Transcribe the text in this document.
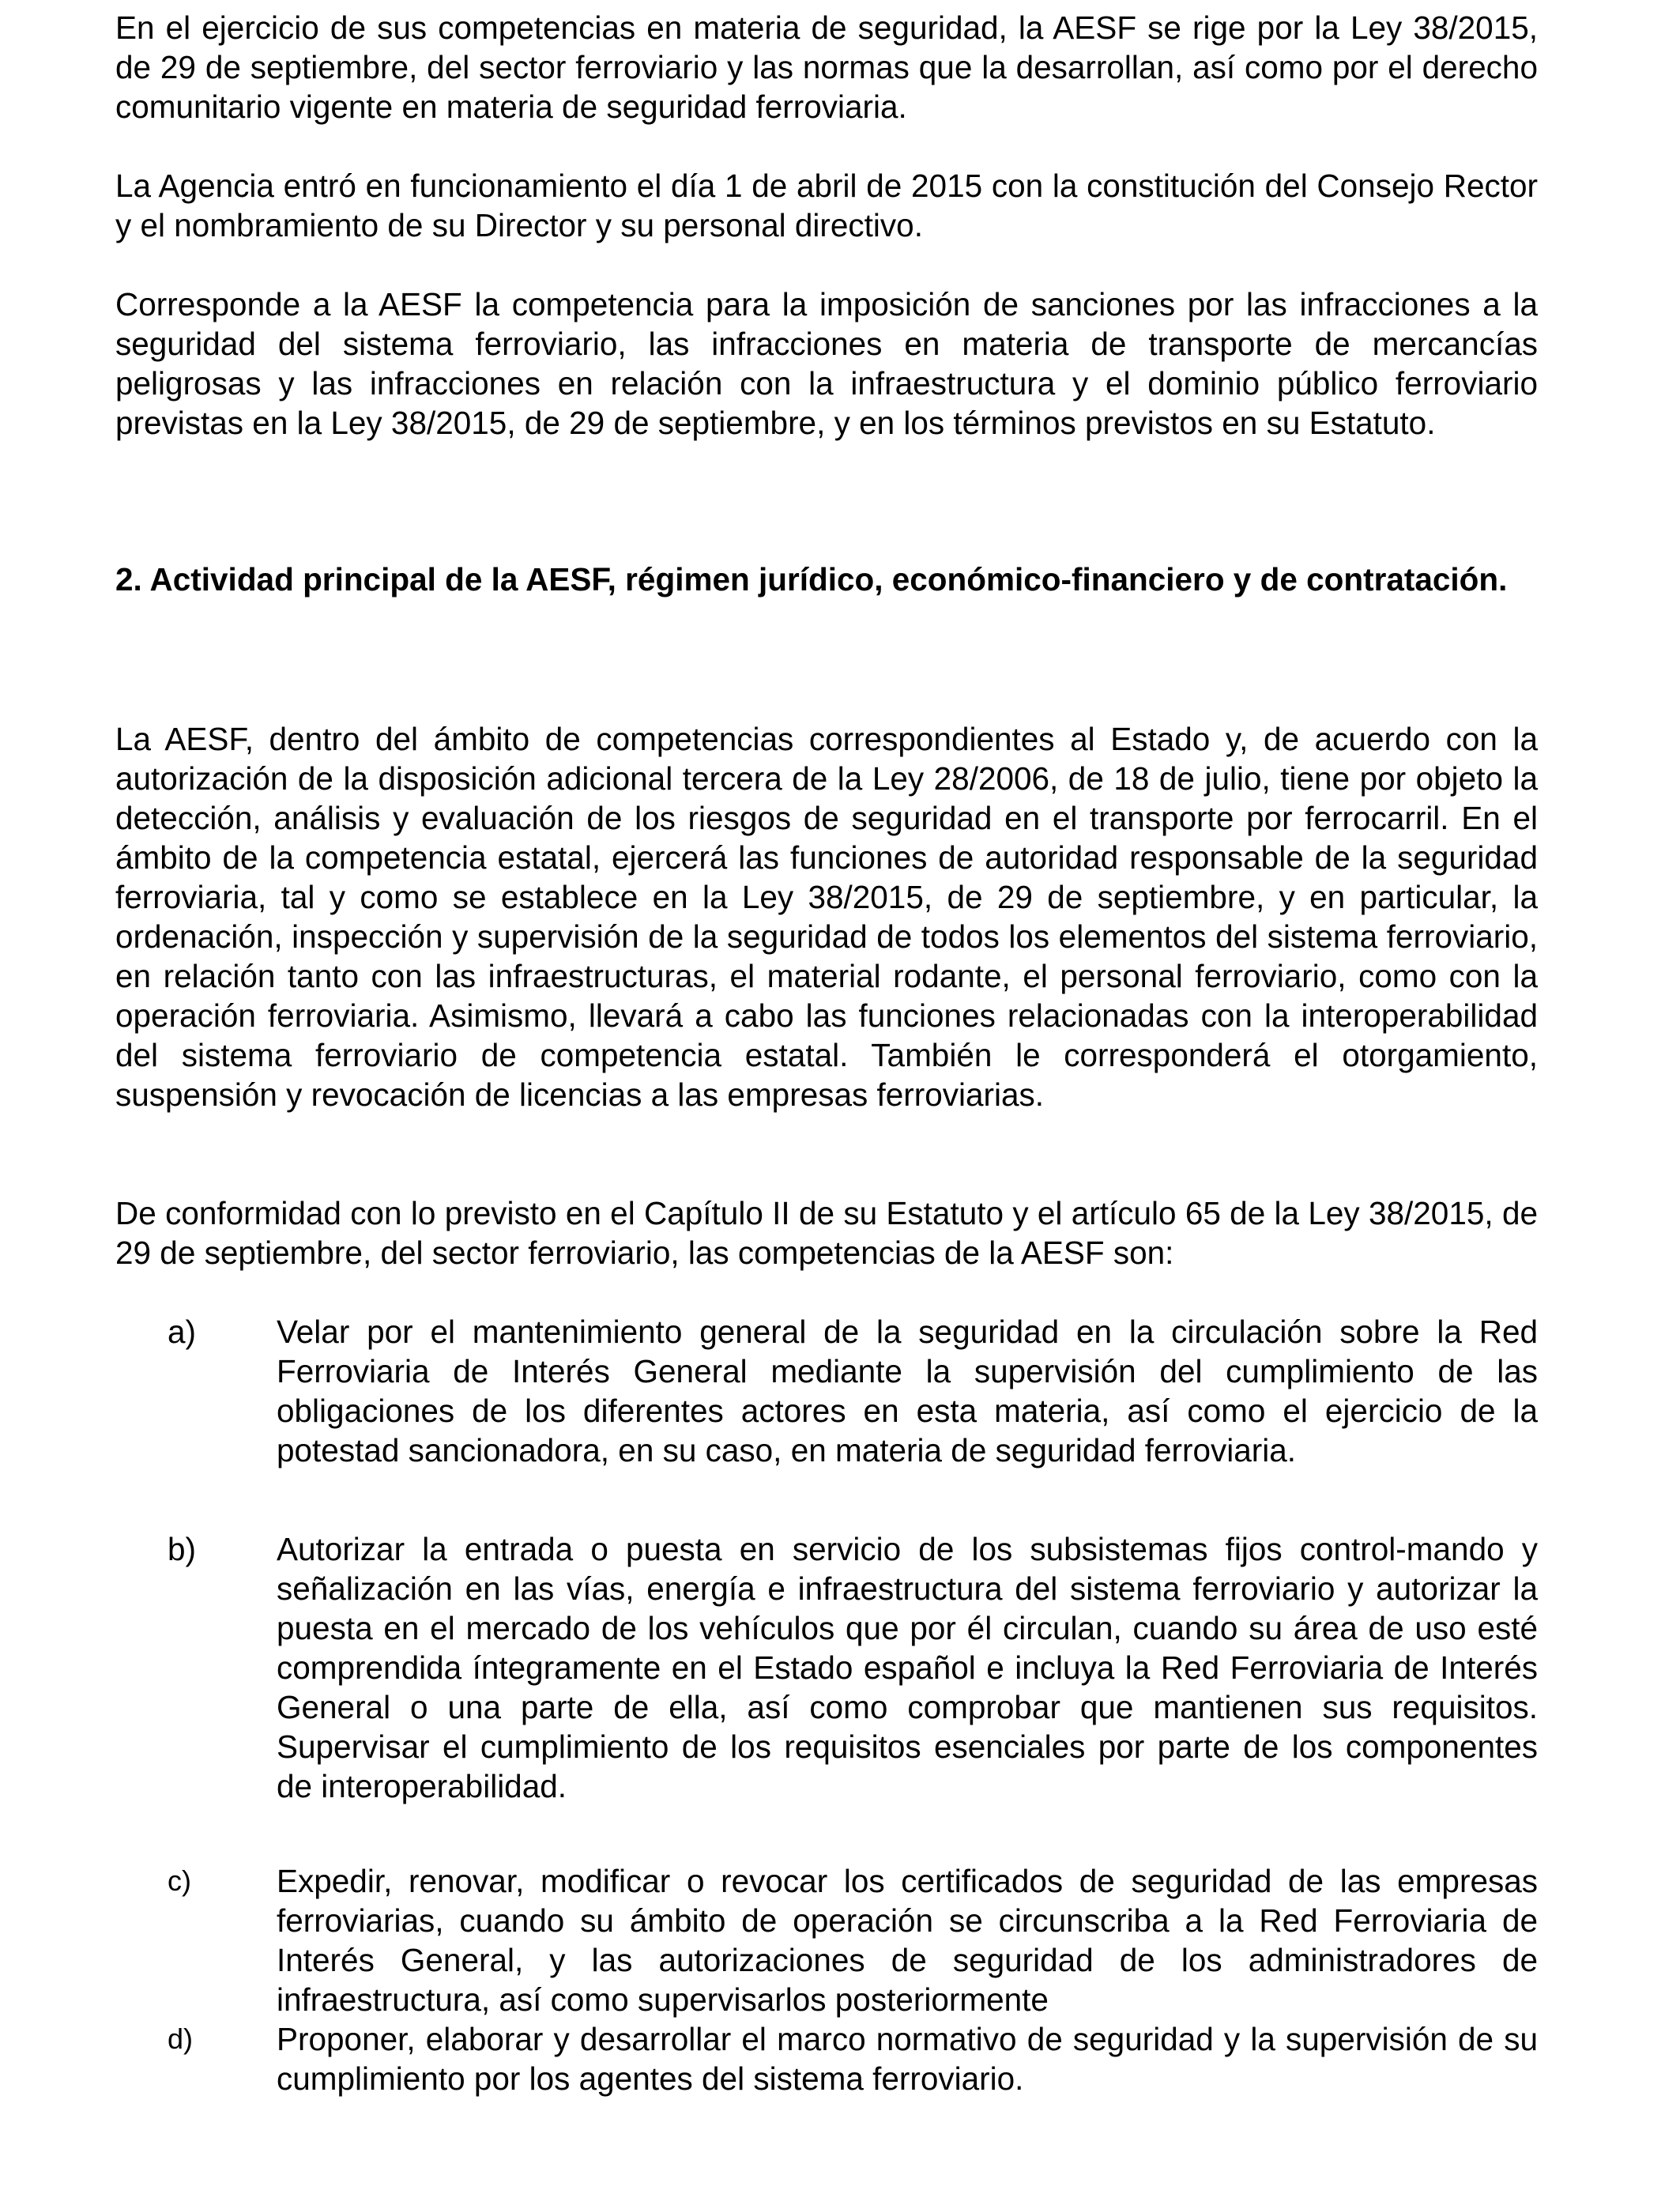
En el ejercicio de sus competencias en materia de seguridad, la AESF se rige por la Ley 38/2015, de 29 de septiembre, del sector ferroviario y las normas que la desarrollan, así como por el derecho comunitario vigente en materia de seguridad ferroviaria.

La Agencia entró en funcionamiento el día 1 de abril de 2015 con la constitución del Consejo Rector y el nombramiento de su Director y su personal directivo.

Corresponde a la AESF la competencia para la imposición de sanciones por las infracciones a la seguridad del sistema ferroviario, las infracciones en materia de transporte de mercancías peligrosas y las infracciones en relación con la infraestructura y el dominio público ferroviario previstas en la Ley 38/2015, de 29 de septiembre, y en los términos previstos en su Estatuto.

2. Actividad principal de la AESF, régimen jurídico, económico-financiero y de contratación.

La AESF, dentro del ámbito de competencias correspondientes al Estado y, de acuerdo con la autorización de la disposición adicional tercera de la Ley 28/2006, de 18 de julio, tiene por objeto la detección, análisis y evaluación de los riesgos de seguridad en el transporte por ferrocarril. En el ámbito de la competencia estatal, ejercerá las funciones de autoridad responsable de la seguridad ferroviaria, tal y como se establece en la Ley 38/2015, de 29 de septiembre, y en particular, la ordenación, inspección y supervisión de la seguridad de todos los elementos del sistema ferroviario, en relación tanto con las infraestructuras, el material rodante, el personal ferroviario, como con la operación ferroviaria. Asimismo, llevará a cabo las funciones relacionadas con la interoperabilidad del sistema ferroviario de competencia estatal. También le corresponderá el otorgamiento, suspensión y revocación de licencias a las empresas ferroviarias.

De conformidad con lo previsto en el Capítulo II de su Estatuto y el artículo 65 de la Ley 38/2015, de 29 de septiembre, del sector ferroviario, las competencias de la AESF son:

a)	Velar por el mantenimiento general de la seguridad en la circulación sobre la Red Ferroviaria de Interés General mediante la supervisión del cumplimiento de las obligaciones de los diferentes actores en esta materia, así como el ejercicio de la potestad sancionadora, en su caso, en materia de seguridad ferroviaria.
b)	Autorizar la entrada o puesta en servicio de los subsistemas fijos control-mando y señalización en las vías, energía e infraestructura del sistema ferroviario y autorizar la puesta en el mercado de los vehículos que por él circulan, cuando su área de uso esté comprendida íntegramente en el Estado español e incluya la Red Ferroviaria de Interés General o una parte de ella, así como comprobar que mantienen sus requisitos. Supervisar el cumplimiento de los requisitos esenciales por parte de los componentes de interoperabilidad.
c)	Expedir, renovar, modificar o revocar los certificados de seguridad de las empresas ferroviarias, cuando su ámbito de operación se circunscriba a la Red Ferroviaria de Interés General, y las autorizaciones de seguridad de los administradores de infraestructura, así como supervisarlos posteriormente
d)	Proponer, elaborar y desarrollar el marco normativo de seguridad y la supervisión de su cumplimiento por los agentes del sistema ferroviario.
